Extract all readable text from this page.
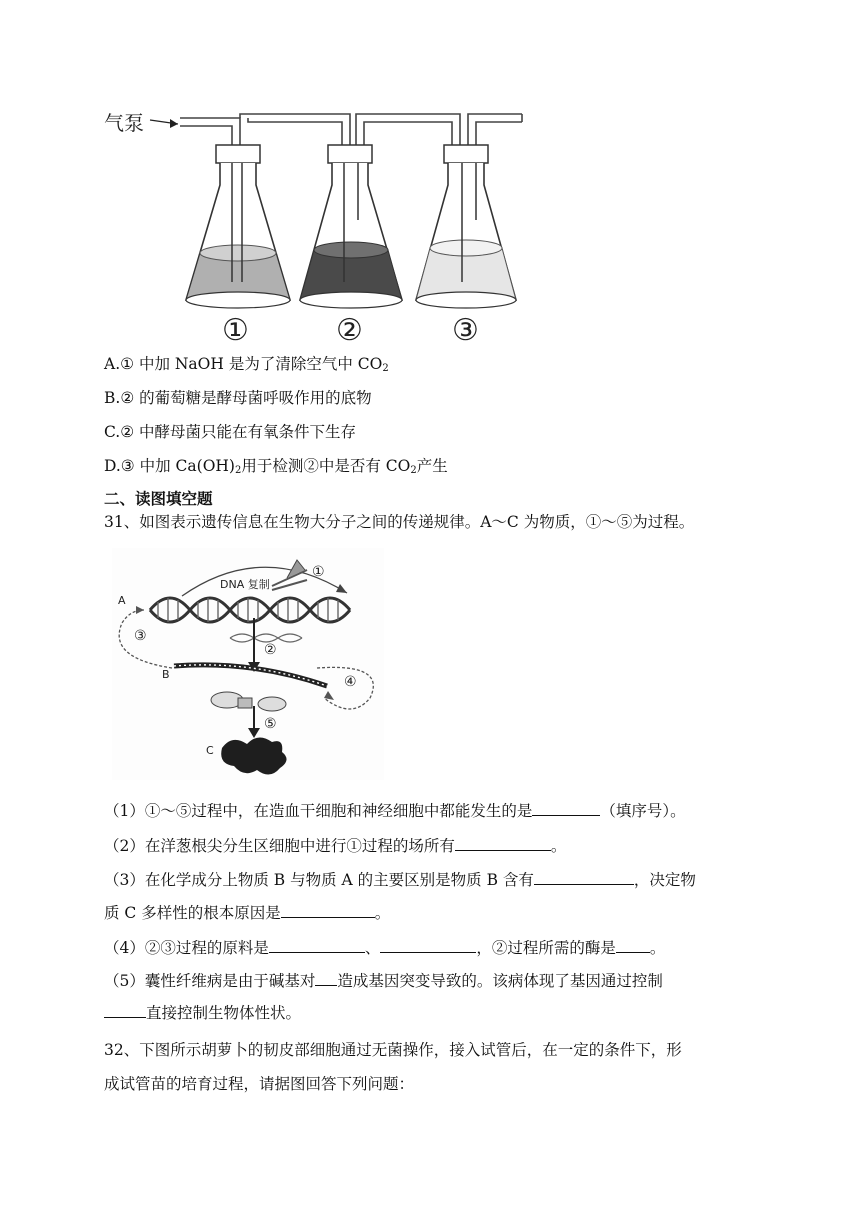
气泵
①	②	③
A.① 中加 NaOH 是为了清除空气中 $CO_2$
B.② 的葡萄糖是酵母菌呼吸作用的底物
C.② 中酵母菌只能在有氧条件下生存
D.③ 中加 $Ca(OH)_2$用于检测②中是否有 $CO_2$产生
二、读图填空题
31、如图表示遗传信息在生物大分子之间的传递规律。A～C 为物质，①～⑤为过程。
DNA 复制
①
A
③
②
B	④
⑤
C
（1）①～⑤过程中，在造血干细胞和神经细胞中都能发生的是	（填序号）。
（2）在洋葱根尖分生区细胞中进行①过程的场所有	。
（3）在化学成分上物质 B 与物质 A 的主要区别是物质 B 含有	，决定物
质 C 多样性的根本原因是	。
（4）②③过程的原料是	、	，②过程所需的酶是 。
（5）囊性纤维病是由于碱基对 造成基因突变导致的。该病体现了基因通过控制
直接控制生物体性状。
32、下图所示胡萝卜的韧皮部细胞通过无菌操作，接入试管后，在一定的条件下，形
成试管苗的培育过程，请据图回答下列问题：
